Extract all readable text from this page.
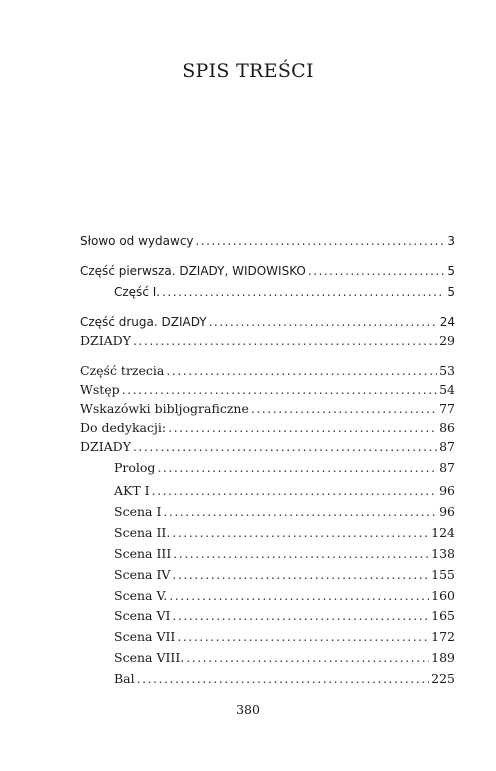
SPIS TREŚCI
Słowo od wydawcy .....	3
Część pierwsza. DZIADY, WIDOWISKO .....	5
Część I. .....	5
Część druga. DZIADY .....	24
DZIADY .....	29
Część trzecia .....	53
Wstęp .....	54
Wskazówki bibljograficzne .....	77
Do dedykacji: .....	86
DZIADY .....	87
Prolog .....	87
AKT I .....	96
Scena I .....	96
Scena II. .....	124
Scena III .....	138
Scena IV .....	155
Scena V. .....	160
Scena VI .....	165
Scena VII .....	172
Scena VIII. .....	189
Bal .....	225
380
